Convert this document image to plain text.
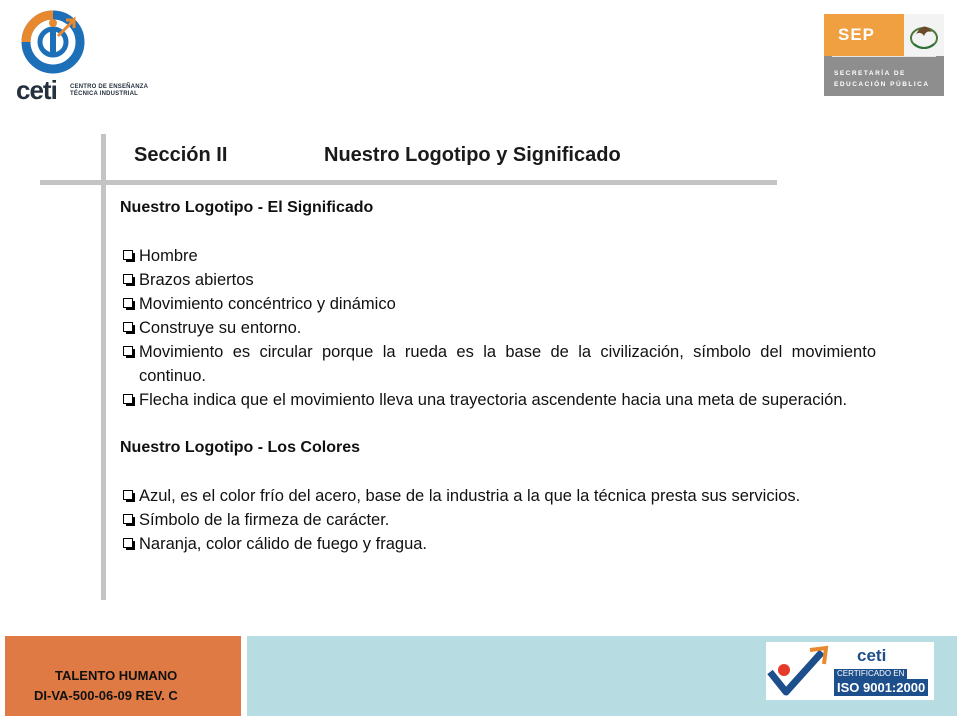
ceti CENTRO DE ENSEÑANZA
TÉCNICA INDUSTRIAL
SEP
SECRETARÍA DE
EDUCACIÓN PÚBLICA
Sección II	Nuestro Logotipo y Significado

Nuestro Logotipo - El Significado

Hombre
Brazos abiertos
Movimiento concéntrico y dinámico
Construye su entorno.
Movimiento es circular porque la rueda es la base de la civilización, símbolo del movimiento continuo.
Flecha indica que el movimiento lleva una trayectoria ascendente hacia una meta de superación.

Nuestro Logotipo - Los Colores

Azul, es el color frío del acero, base de la industria a la que la técnica presta sus servicios.
Símbolo de la firmeza de carácter.
Naranja, color cálido de fuego y fragua.
TALENTO HUMANO
DI-VA-500-06-09 REV. C
ceti
CERTIFICADO EN
ISO 9001:2000
